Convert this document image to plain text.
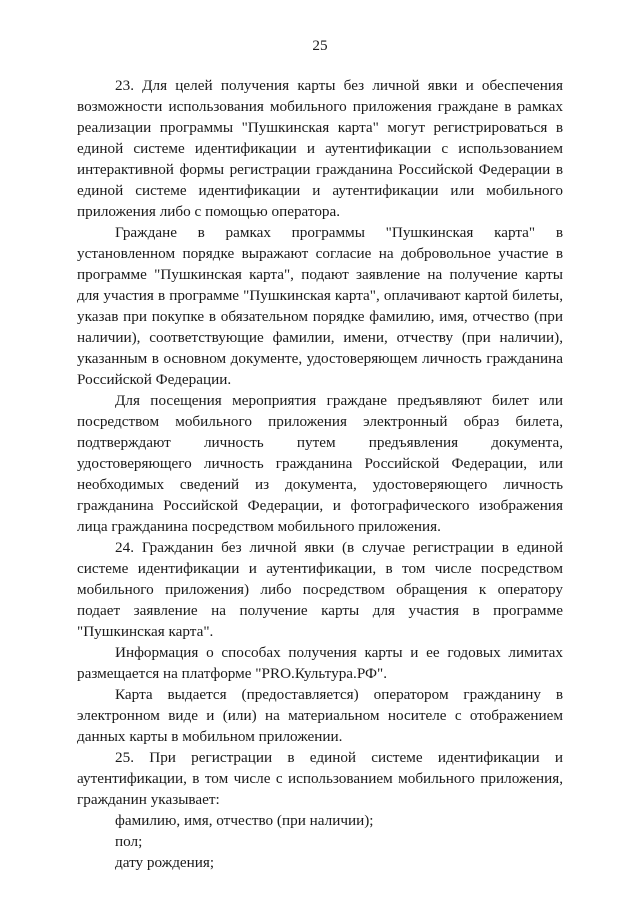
25

23. Для целей получения карты без личной явки и обеспечения возможности использования мобильного приложения граждане в рамках реализации программы "Пушкинская карта" могут регистрироваться в единой системе идентификации и аутентификации с использованием интерактивной формы регистрации гражданина Российской Федерации в единой системе идентификации и аутентификации или мобильного приложения либо с помощью оператора.

Граждане в рамках программы "Пушкинская карта" в установленном порядке выражают согласие на добровольное участие в программе "Пушкинская карта", подают заявление на получение карты для участия в программе "Пушкинская карта", оплачивают картой билеты, указав при покупке в обязательном порядке фамилию, имя, отчество (при наличии), соответствующие фамилии, имени, отчеству (при наличии), указанным в основном документе, удостоверяющем личность гражданина Российской Федерации.

Для посещения мероприятия граждане предъявляют билет или посредством мобильного приложения электронный образ билета, подтверждают личность путем предъявления документа, удостоверяющего личность гражданина Российской Федерации, или необходимых сведений из документа, удостоверяющего личность гражданина Российской Федерации, и фотографического изображения лица гражданина посредством мобильного приложения.

24. Гражданин без личной явки (в случае регистрации в единой системе идентификации и аутентификации, в том числе посредством мобильного приложения) либо посредством обращения к оператору подает заявление на получение карты для участия в программе "Пушкинская карта".

Информация о способах получения карты и ее годовых лимитах размещается на платформе "PRO.Культура.РФ".

Карта выдается (предоставляется) оператором гражданину в электронном виде и (или) на материальном носителе с отображением данных карты в мобильном приложении.

25. При регистрации в единой системе идентификации и аутентификации, в том числе с использованием мобильного приложения, гражданин указывает:

фамилию, имя, отчество (при наличии);

пол;

дату рождения;
